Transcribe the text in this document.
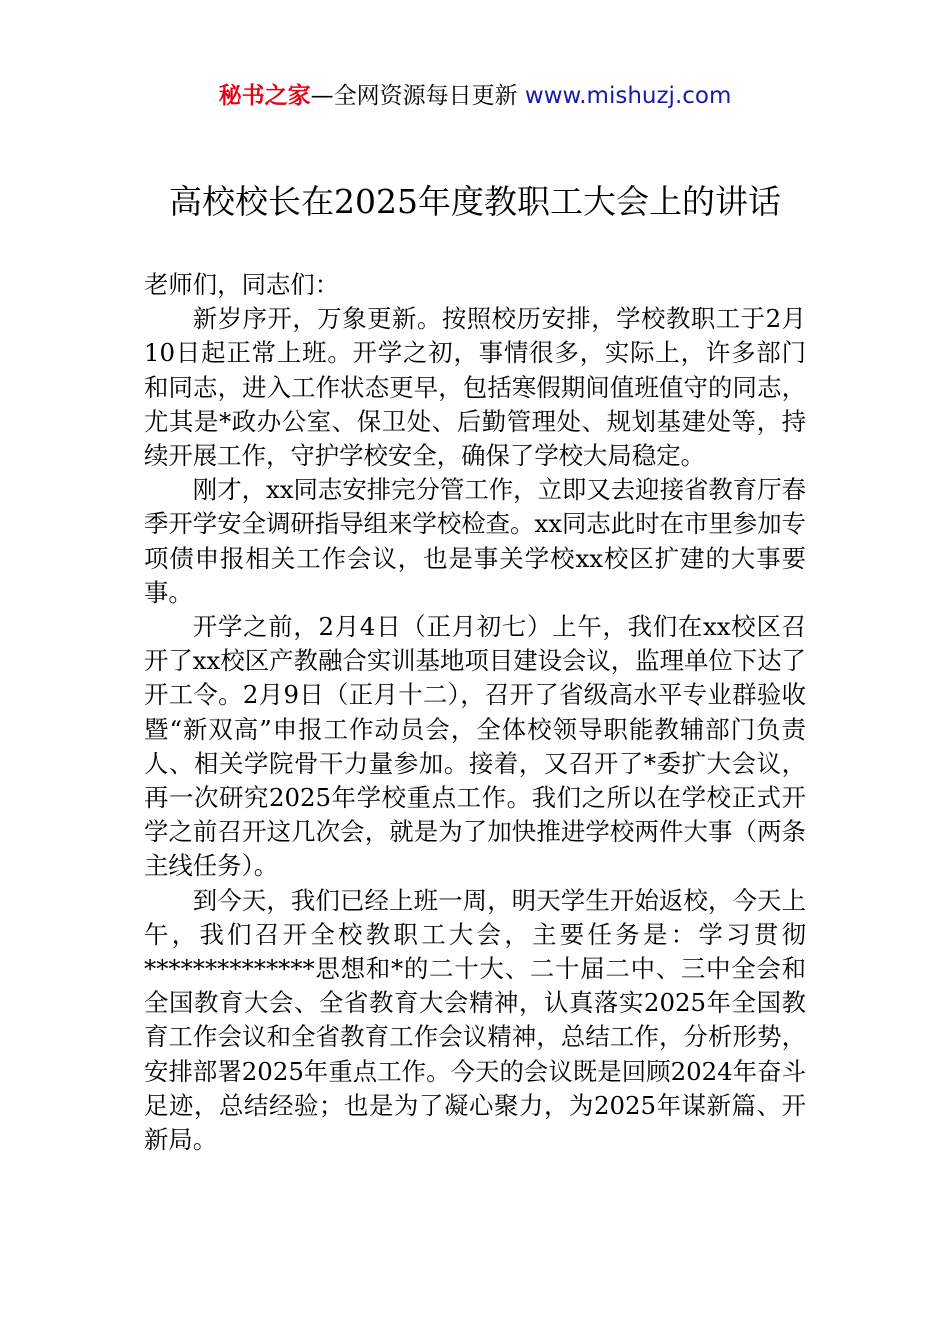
秘书之家—全网资源每日更新 www.mishuzj.com
高校校长在2025年度教职工大会上的讲话

老师们，同志们：

新岁序开，万象更新。按照校历安排，学校教职工于2月10日起正常上班。开学之初，事情很多，实际上，许多部门和同志，进入工作状态更早，包括寒假期间值班值守的同志，尤其是*政办公室、保卫处、后勤管理处、规划基建处等，持续开展工作，守护学校安全，确保了学校大局稳定。

刚才，xx同志安排完分管工作，立即又去迎接省教育厅春季开学安全调研指导组来学校检查。xx同志此时在市里参加专项债申报相关工作会议，也是事关学校xx校区扩建的大事要事。

开学之前，2月4日（正月初七）上午，我们在xx校区召开了xx校区产教融合实训基地项目建设会议，监理单位下达了开工令。2月9日（正月十二），召开了省级高水平专业群验收暨“新双高”申报工作动员会，全体校领导职能教辅部门负责人、相关学院骨干力量参加。接着，又召开了*委扩大会议，再一次研究2025年学校重点工作。我们之所以在学校正式开学之前召开这几次会，就是为了加快推进学校两件大事（两条主线任务）。

到今天，我们已经上班一周，明天学生开始返校，今天上午，我们召开全校教职工大会，主要任务是：学习贯彻**************思想和*的二十大、二十届二中、三中全会和全国教育大会、全省教育大会精神，认真落实2025年全国教育工作会议和全省教育工作会议精神，总结工作，分析形势，安排部署2025年重点工作。今天的会议既是回顾2024年奋斗足迹，总结经验；也是为了凝心聚力，为2025年谋新篇、开新局。
